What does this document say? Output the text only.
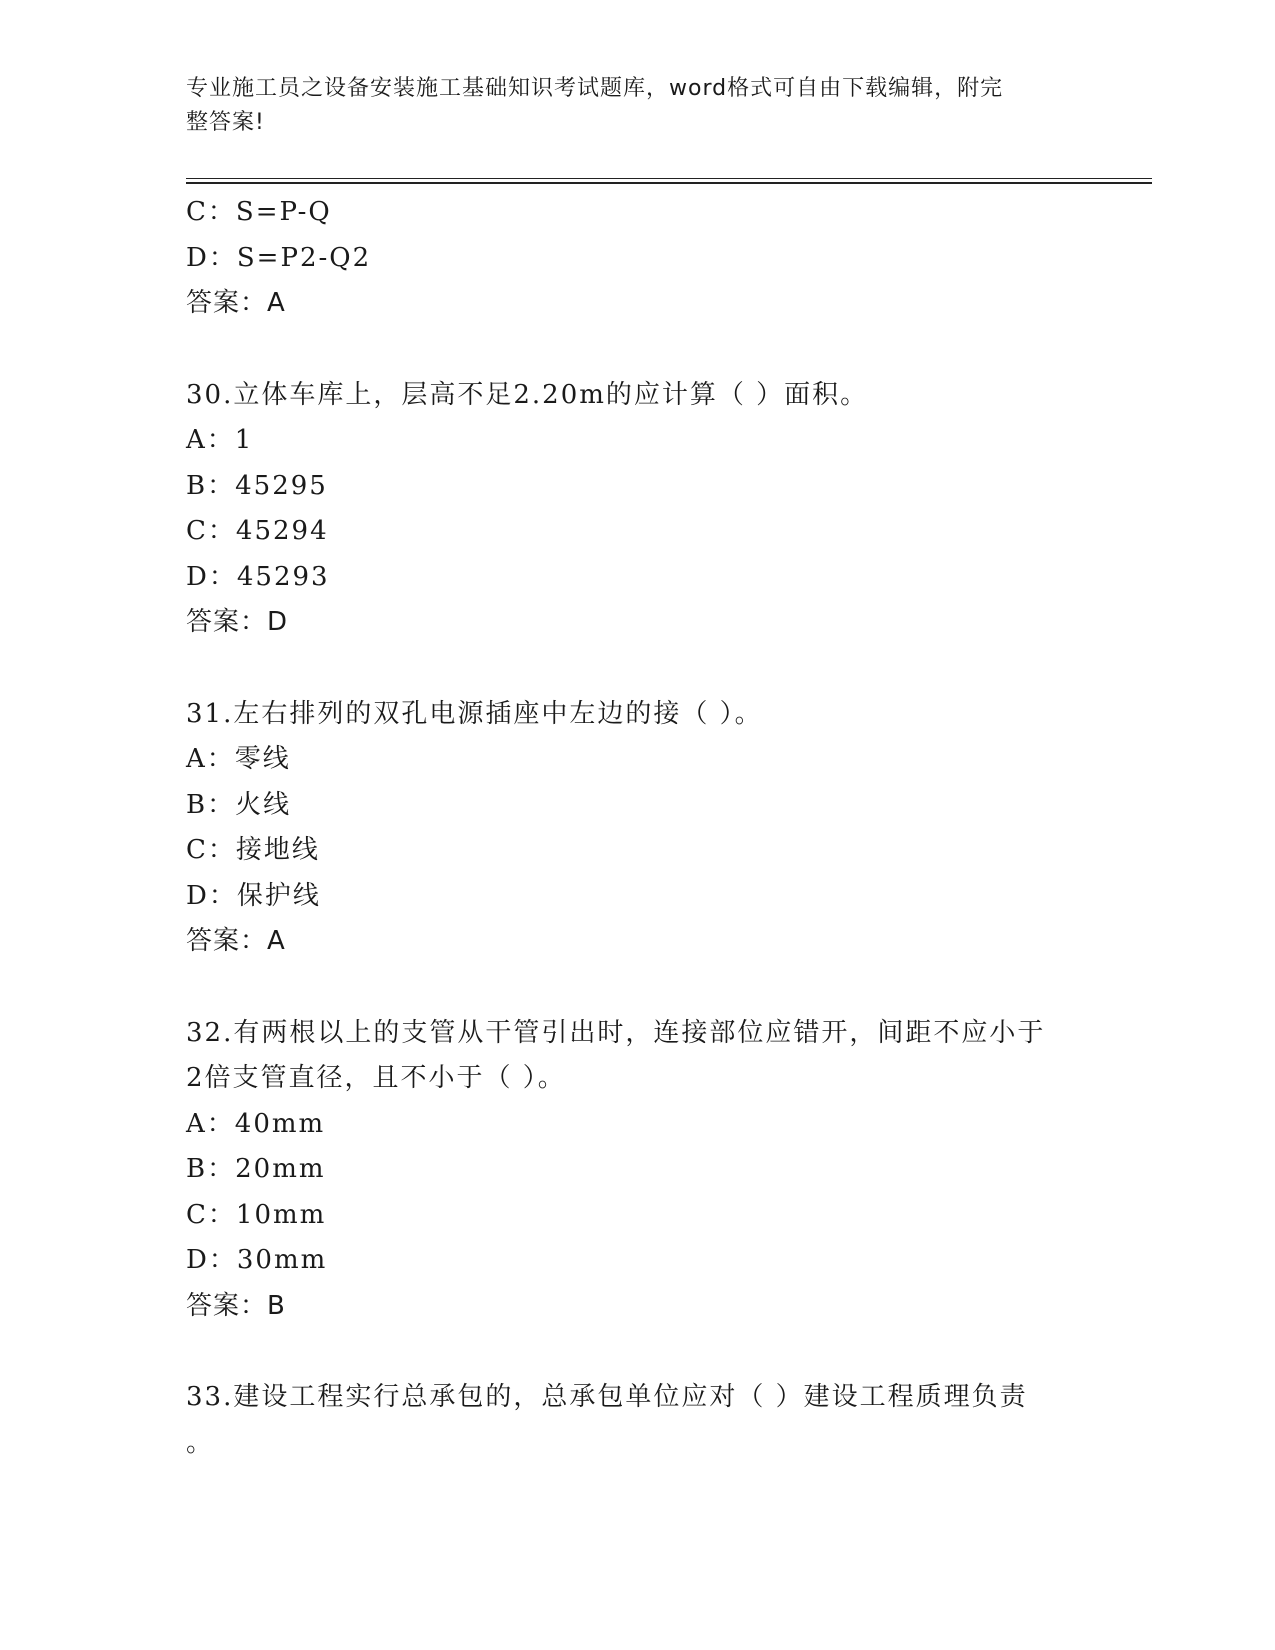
专业施工员之设备安装施工基础知识考试题库，word格式可自由下载编辑，附完
整答案!
C：S=P-Q
D：S=P2-Q2
答案：A
30.立体车库上，层高不足2.20m的应计算（ ）面积。
A：1
B：45295
C：45294
D：45293
答案：D
31.左右排列的双孔电源插座中左边的接（ ）。
A：零线
B：火线
C：接地线
D：保护线
答案：A
32.有两根以上的支管从干管引出时，连接部位应错开，间距不应小于
2倍支管直径，且不小于（ ）。
A：40mm
B：20mm
C：10mm
D：30mm
答案：B
33.建设工程实行总承包的，总承包单位应对（ ）建设工程质理负责
。
